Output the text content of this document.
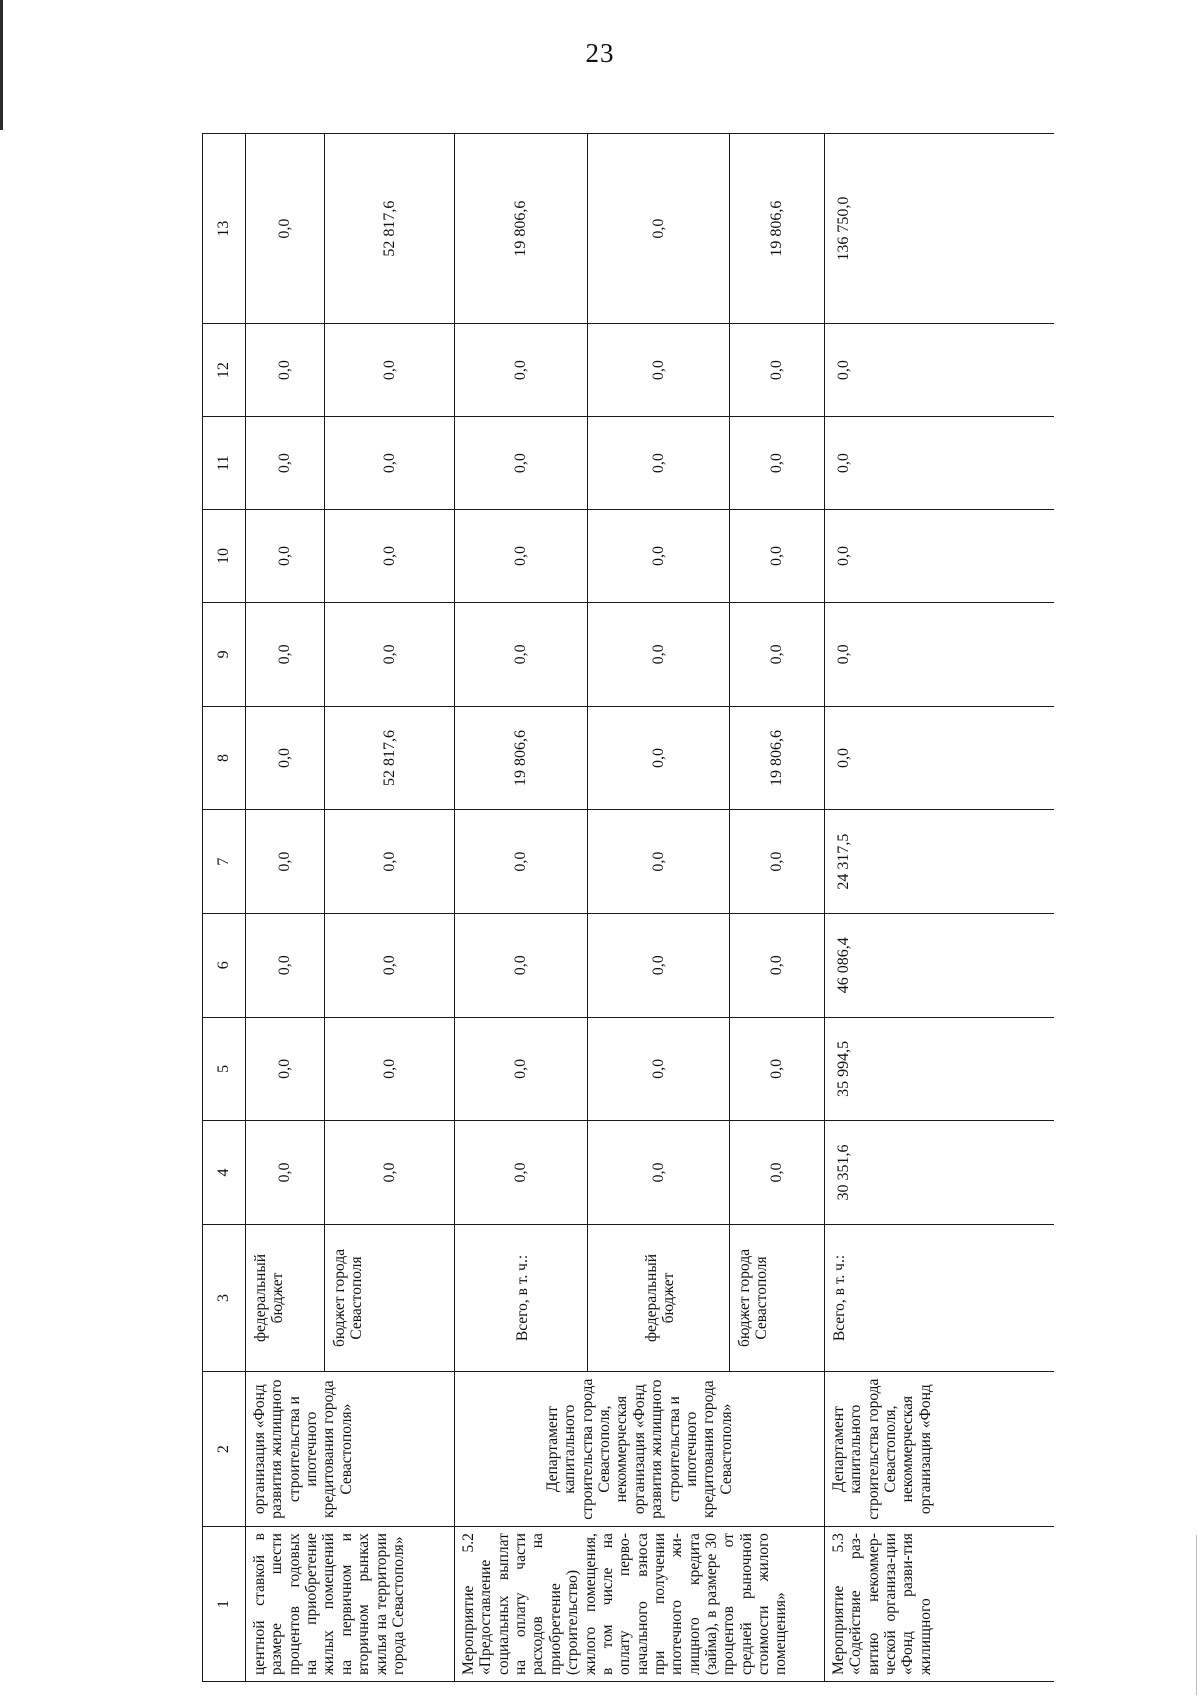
23
1	2	3	4	5	6	7	8	9	10	11	12	13
центной ставкой в размере шести процентов годовых на приобретение жилых помещений на первичном и вторичном рынках жилья на территории города Севастополя»	организация «Фонд развития жилищного строительства и ипотечного кредитования города Севастополя»	федеральный бюджет	0,0	0,0	0,0	0,0	0,0	0,0	0,0	0,0	0,0	0,0
		бюджет города Севастополя	0,0	0,0	0,0	0,0	52 817,6	0,0	0,0	0,0	0,0	52 817,6
Мероприятие 5.2 «Предоставление социальных выплат на оплату части расходов на приобретение (строительство) жилого помещения, в том числе на оплату перво-начального взноса при получении ипотечного жи-лищного кредита (займа), в размере 30 процентов от средней рыночной стоимости жилого помещения»	Департамент капитального строительства города Севастополя, некоммерческая организация «Фонд развития жилищного строительства и ипотечного кредитования города Севастополя»	Всего, в т. ч.:	0,0	0,0	0,0	0,0	19 806,6	0,0	0,0	0,0	0,0	19 806,6
		федеральный бюджет	0,0	0,0	0,0	0,0	0,0	0,0	0,0	0,0	0,0	0,0
		бюджет города Севастополя	0,0	0,0	0,0	0,0	19 806,6	0,0	0,0	0,0	0,0	19 806,6
Мероприятие 5.3 «Содействие раз-витию некоммер-ческой организа-ции «Фонд разви-тия жилищного	Департамент капитального строительства города Севастополя, некоммерческая организация «Фонд	Всего, в т. ч.:	30 351,6	35 994,5	46 086,4	24 317,5	0,0	0,0	0,0	0,0	0,0	136 750,0
